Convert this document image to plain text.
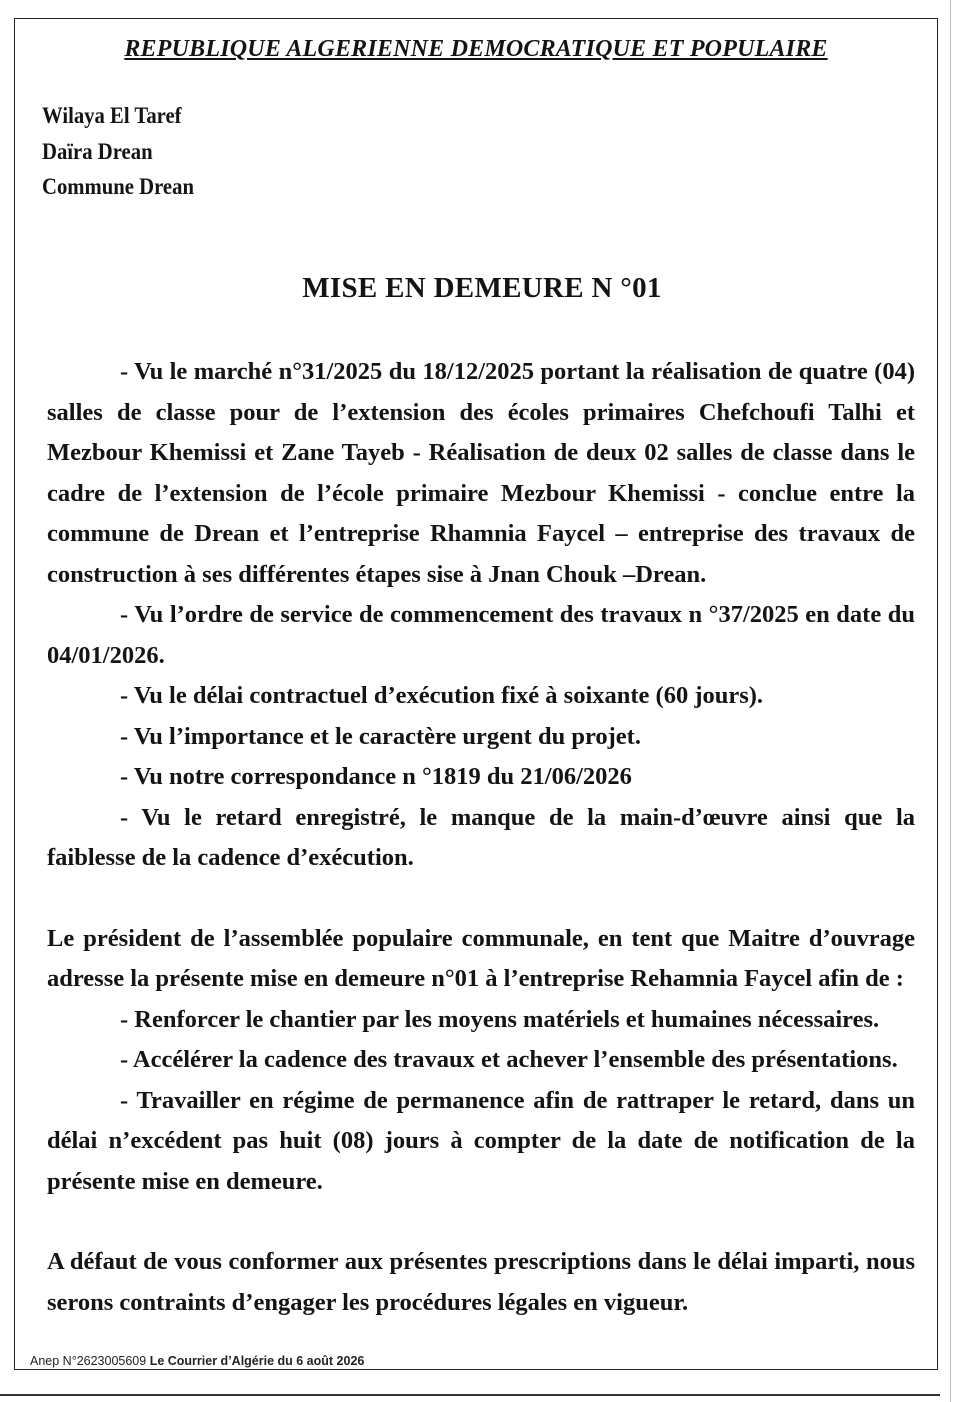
REPUBLIQUE ALGERIENNE DEMOCRATIQUE ET POPULAIRE
Wilaya El Taref
Daïra Drean
Commune Drean
MISE EN DEMEURE N °01

- Vu le marché n°31/2025 du 18/12/2025 portant la réalisation de quatre (04) salles de classe pour de l’extension des écoles primaires Chefchoufi Talhi et Mezbour Khemissi et Zane Tayeb - Réalisation de deux 02 salles de classe dans le cadre de l’extension de l’école primaire Mezbour Khemissi - conclue entre la commune de Drean et l’entreprise Rhamnia Faycel – entreprise des travaux de construction à ses différentes étapes sise à Jnan Chouk –Drean.

- Vu l’ordre de service de commencement des travaux n °37/2025 en date du 04/01/2026.

- Vu le délai contractuel d’exécution fixé à soixante (60 jours).

- Vu l’importance et le caractère urgent du projet.

- Vu notre correspondance n °1819 du 21/06/2026

- Vu le retard enregistré, le manque de la main-d’œuvre ainsi que la faiblesse de la cadence d’exécution.

Le président de l’assemblée populaire communale, en tent que Maitre d’ouvrage adresse la présente mise en demeure n°01 à l’entreprise Rehamnia Faycel afin de :

- Renforcer le chantier par les moyens matériels et humaines nécessaires.

- Accélérer la cadence des travaux et achever l’ensemble des présentations.

- Travailler en régime de permanence afin de rattraper le retard, dans un délai n’excédent pas huit (08) jours à compter de la date de notification de la présente mise en demeure.

A défaut de vous conformer aux présentes prescriptions dans le délai imparti, nous serons contraints d’engager les procédures légales en vigueur.

Anep N°2623005609 Le Courrier d’Algérie du 6 août 2026
